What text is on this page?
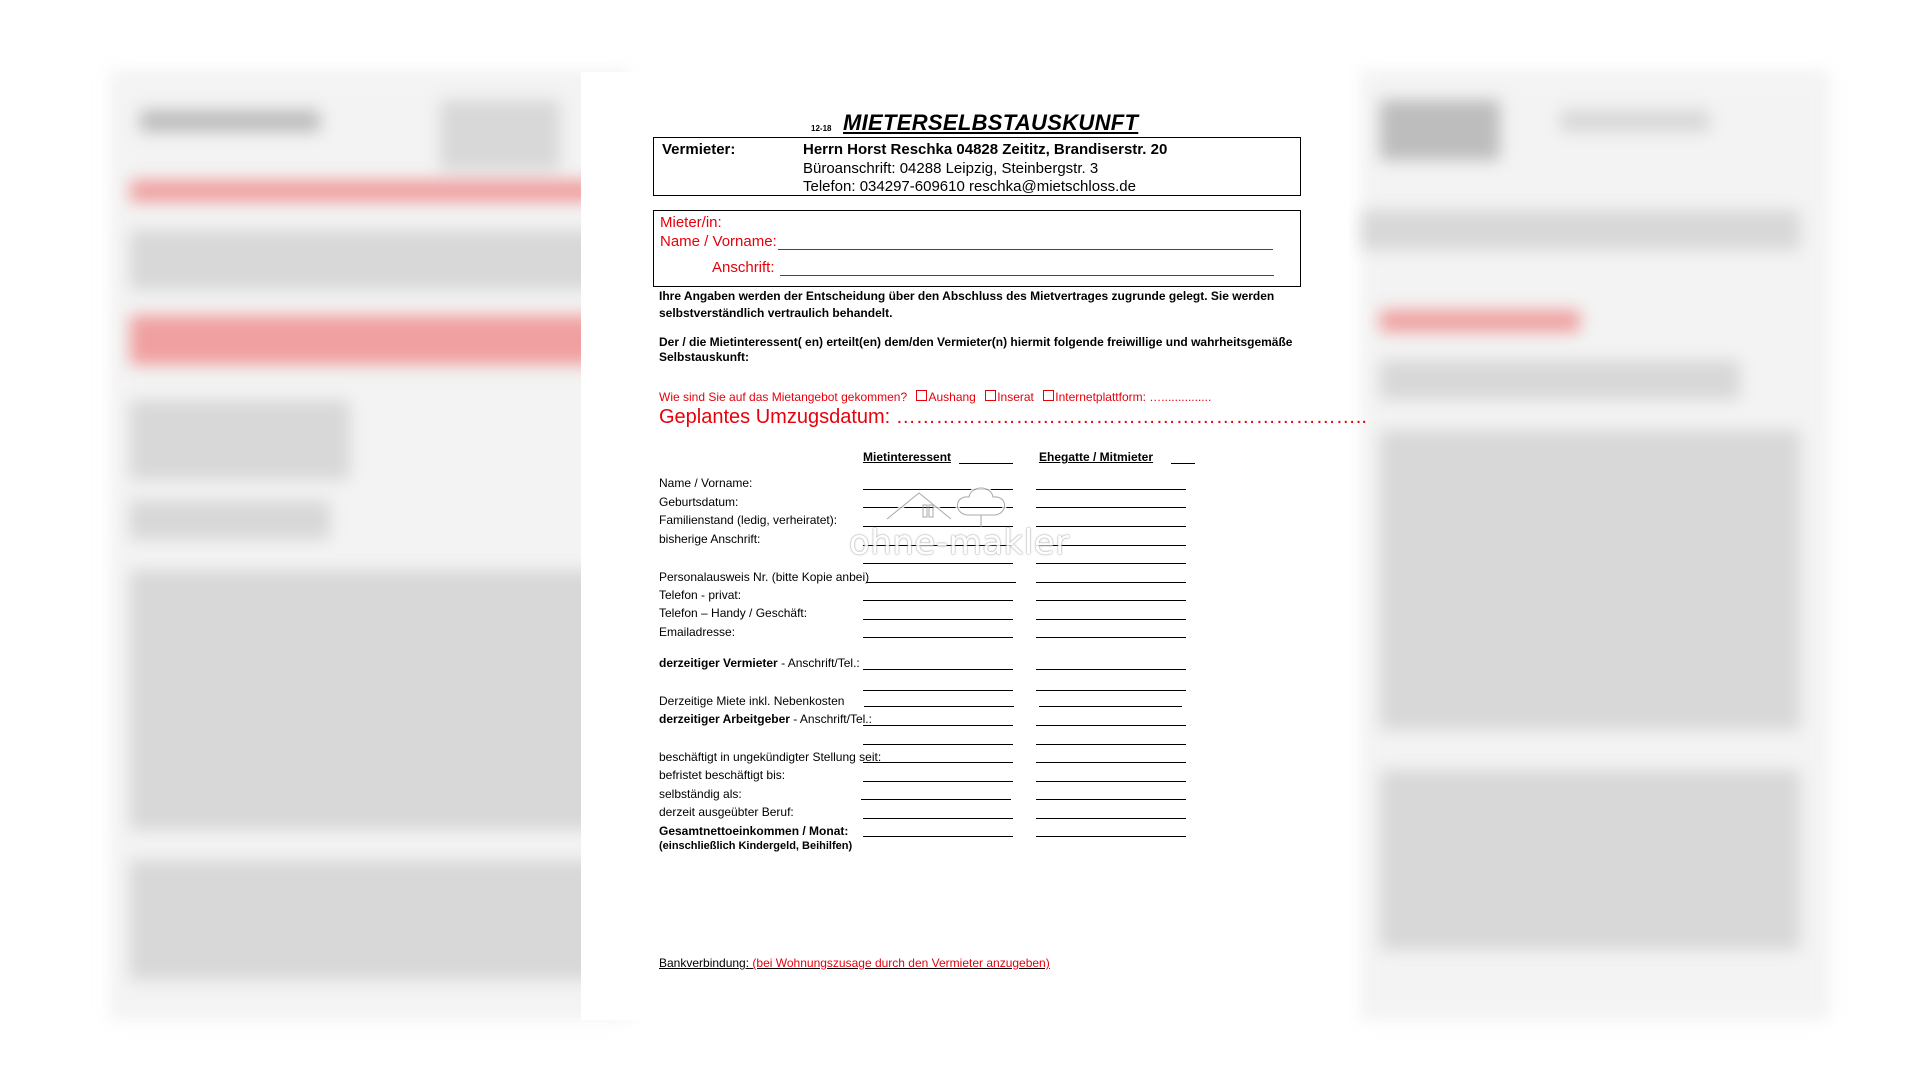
12-18 MIETERSELBSTAUSKUNFT
Vermieter:	Herrn Horst Reschka 04828 Zeititz, Brandiserstr. 20
Büroanschrift: 04288 Leipzig, Steinbergstr. 3
Telefon: 034297-609610 reschka@mietschloss.de
Mieter/in:
Name / Vorname:
Anschrift:
Ihre Angaben werden der Entscheidung über den Abschluss des Mietvertrages zugrunde gelegt. Sie werden selbstverständlich vertraulich behandelt.
Der / die Mietinteressent( en) erteilt(en) dem/den Vermieter(n) hiermit folgende freiwillige und wahrheitsgemäße Selbstauskunft:
Wie sind Sie auf das Mietangebot gekommen? Aushang Inserat Internetplattform: …...............
Geplantes Umzugsdatum: ……………………………………………………………..
Mietinteressent	Ehegatte / Mitmieter
Name / Vorname:
Geburtsdatum:
Familienstand (ledig, verheiratet):
bisherige Anschrift:
Personalausweis Nr. (bitte Kopie anbei)
Telefon - privat:
Telefon – Handy / Geschäft:
Emailadresse:
derzeitiger Vermieter - Anschrift/Tel.:
Derzeitige Miete inkl. Nebenkosten
derzeitiger Arbeitgeber - Anschrift/Tel.:
beschäftigt in ungekündigter Stellung seit:
befristet beschäftigt bis:
selbständig als:
derzeit ausgeübter Beruf:
Gesamtnettoeinkommen / Monat:
(einschließlich Kindergeld, Beihilfen)
Bankverbindung: (bei Wohnungszusage durch den Vermieter anzugeben)
ohne-makler
